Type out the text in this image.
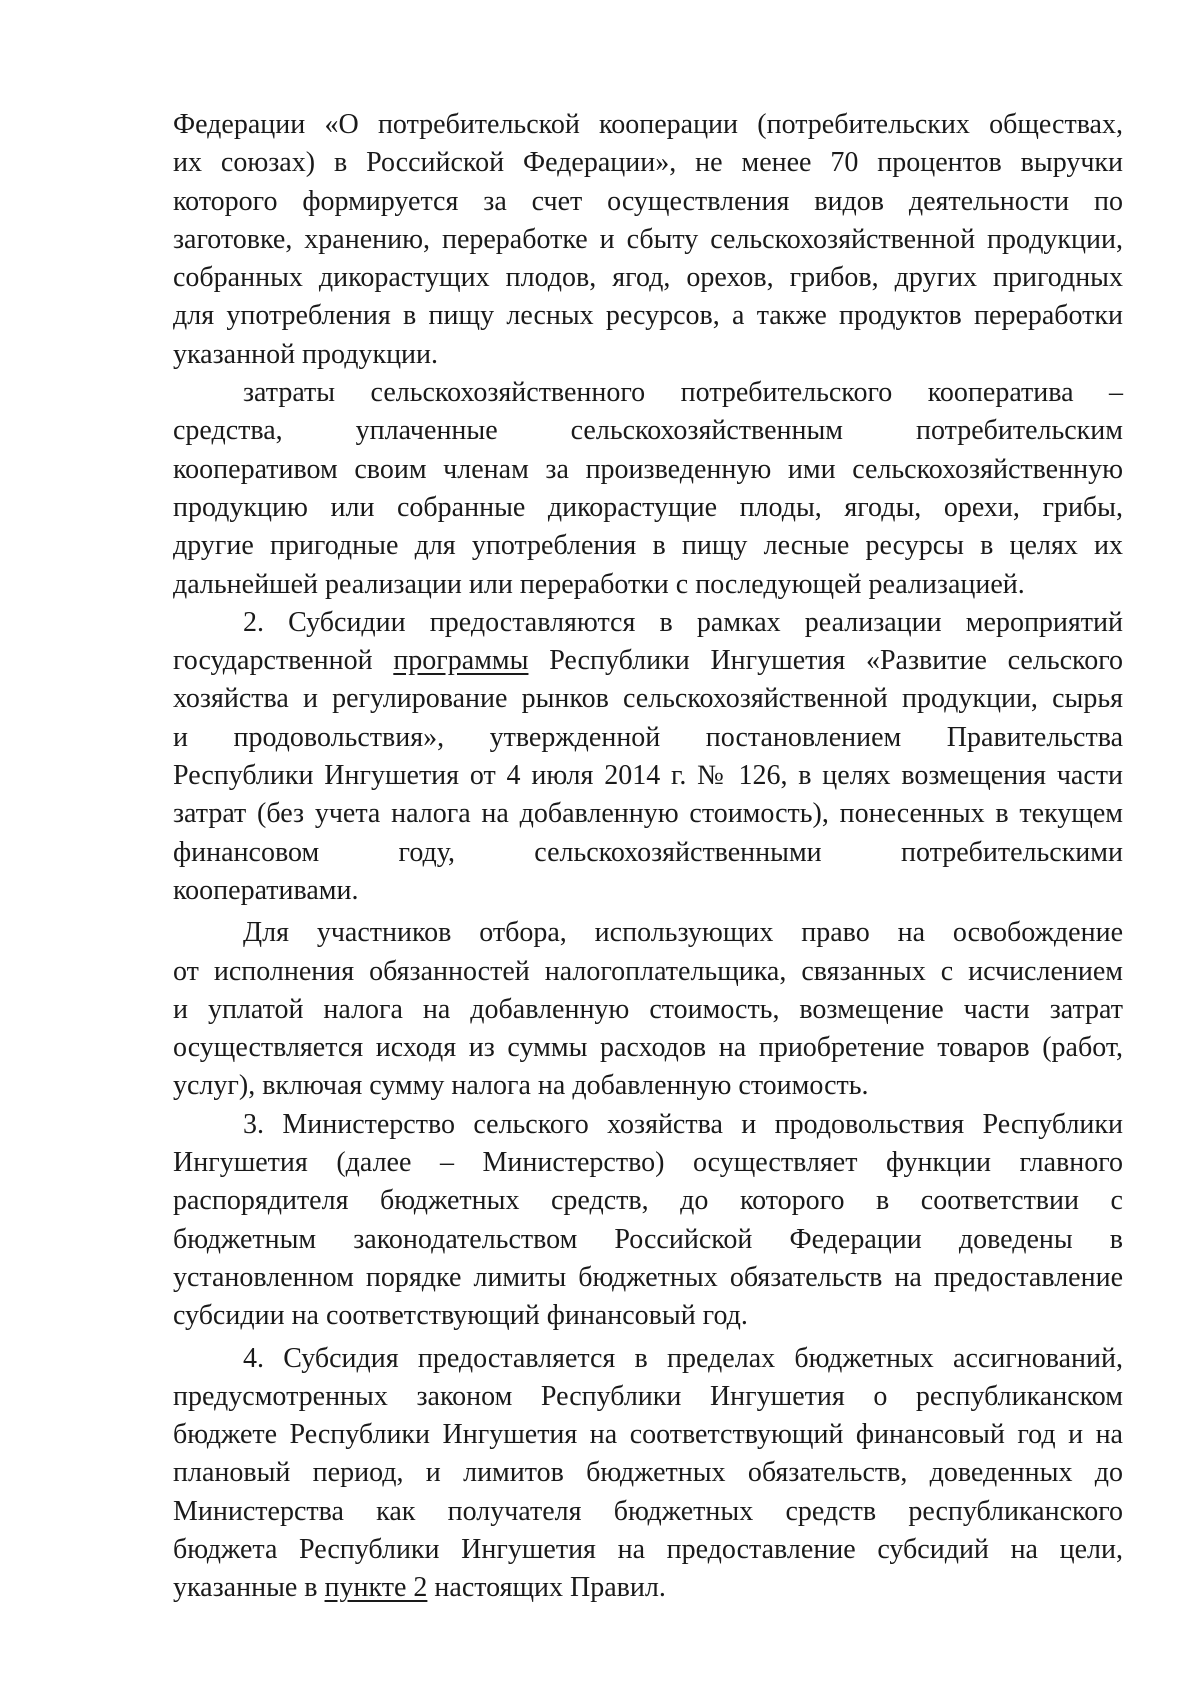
Федерации «О потребительской кооперации (потребительских обществах,
их союзах) в Российской Федерации», не менее 70 процентов выручки
которого формируется за счет осуществления видов деятельности по
заготовке, хранению, переработке и сбыту сельскохозяйственной продукции,
собранных дикорастущих плодов, ягод, орехов, грибов, других пригодных
для употребления в пищу лесных ресурсов, а также продуктов переработки
указанной продукции.
затраты сельскохозяйственного потребительского кооператива –
средства, уплаченные сельскохозяйственным потребительским
кооперативом своим членам за произведенную ими сельскохозяйственную
продукцию или собранные дикорастущие плоды, ягоды, орехи, грибы,
другие пригодные для употребления в пищу лесные ресурсы в целях их
дальнейшей реализации или переработки с последующей реализацией.
2. Субсидии предоставляются в рамках реализации мероприятий
государственной программы Республики Ингушетия «Развитие сельского
хозяйства и регулирование рынков сельскохозяйственной продукции, сырья
и продовольствия», утвержденной постановлением Правительства
Республики Ингушетия от 4 июля 2014 г. № 126, в целях возмещения части
затрат (без учета налога на добавленную стоимость), понесенных в текущем
финансовом году, сельскохозяйственными потребительскими
кооперативами.
Для участников отбора, использующих право на освобождение
от исполнения обязанностей налогоплательщика, связанных с исчислением
и уплатой налога на добавленную стоимость, возмещение части затрат
осуществляется исходя из суммы расходов на приобретение товаров (работ,
услуг), включая сумму налога на добавленную стоимость.
3. Министерство сельского хозяйства и продовольствия Республики
Ингушетия (далее – Министерство) осуществляет функции главного
распорядителя бюджетных средств, до которого в соответствии с
бюджетным законодательством Российской Федерации доведены в
установленном порядке лимиты бюджетных обязательств на предоставление
субсидии на соответствующий финансовый год.
4. Субсидия предоставляется в пределах бюджетных ассигнований,
предусмотренных законом Республики Ингушетия о республиканском
бюджете Республики Ингушетия на соответствующий финансовый год и на
плановый период, и лимитов бюджетных обязательств, доведенных до
Министерства как получателя бюджетных средств республиканского
бюджета Республики Ингушетия на предоставление субсидий на цели,
указанные в пункте 2 настоящих Правил.
